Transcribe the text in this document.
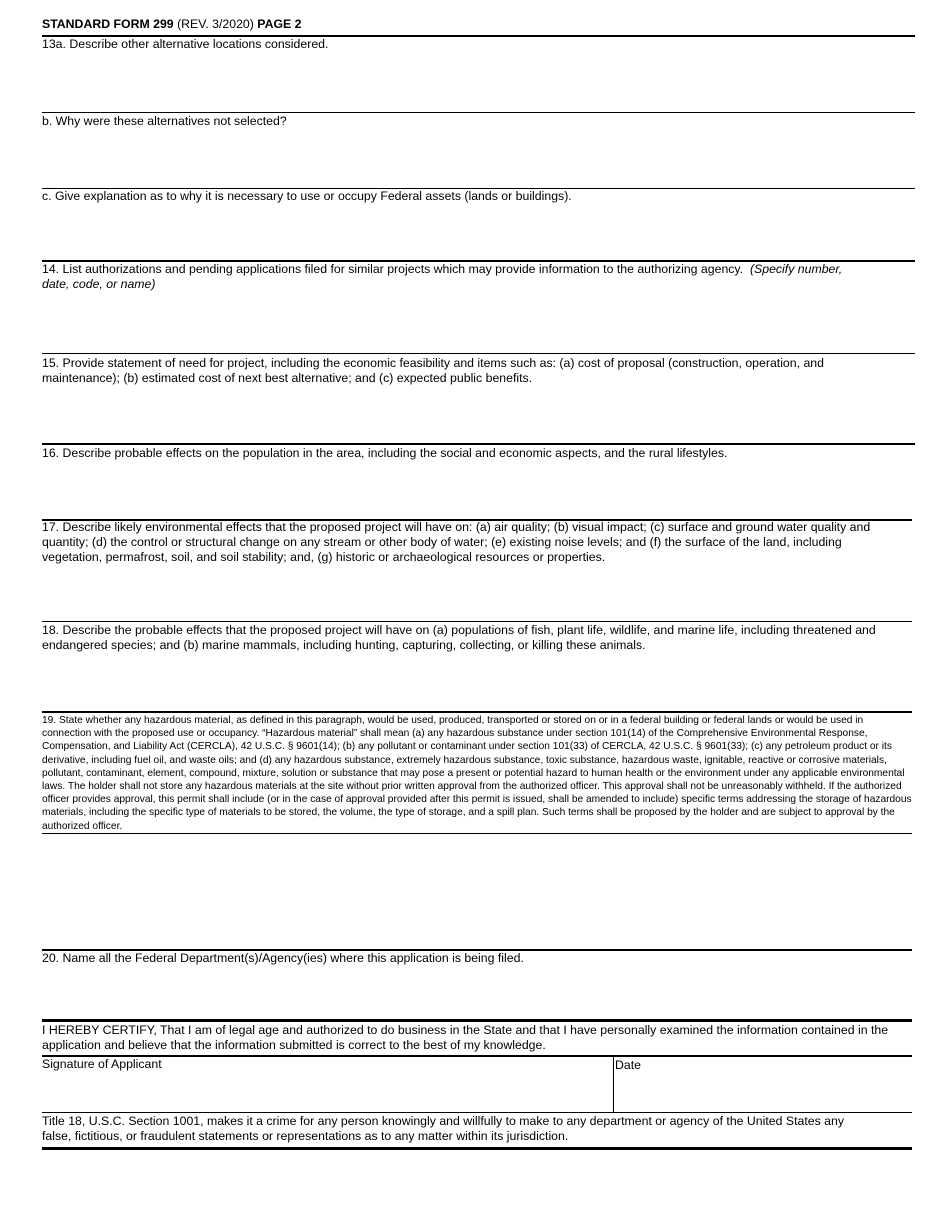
STANDARD FORM 299 (REV. 3/2020) PAGE 2
13a. Describe other alternative locations considered.
b. Why were these alternatives not selected?
c. Give explanation as to why it is necessary to use or occupy Federal assets (lands or buildings).
14. List authorizations and pending applications filed for similar projects which may provide information to the authorizing agency. (Specify number, date, code, or name)
15. Provide statement of need for project, including the economic feasibility and items such as: (a) cost of proposal (construction, operation, and maintenance); (b) estimated cost of next best alternative; and (c) expected public benefits.
16. Describe probable effects on the population in the area, including the social and economic aspects, and the rural lifestyles.
17. Describe likely environmental effects that the proposed project will have on: (a) air quality; (b) visual impact; (c) surface and ground water quality and quantity; (d) the control or structural change on any stream or other body of water; (e) existing noise levels; and (f) the surface of the land, including vegetation, permafrost, soil, and soil stability; and, (g) historic or archaeological resources or properties.
18. Describe the probable effects that the proposed project will have on (a) populations of fish, plant life, wildlife, and marine life, including threatened and endangered species; and (b) marine mammals, including hunting, capturing, collecting, or killing these animals.
19. State whether any hazardous material, as defined in this paragraph, would be used, produced, transported or stored on or in a federal building or federal lands or would be used in connection with the proposed use or occupancy. “Hazardous material” shall mean (a) any hazardous substance under section 101(14) of the Comprehensive Environmental Response, Compensation, and Liability Act (CERCLA), 42 U.S.C. § 9601(14); (b) any pollutant or contaminant under section 101(33) of CERCLA, 42 U.S.C. § 9601(33); (c) any petroleum product or its derivative, including fuel oil, and waste oils; and (d) any hazardous substance, extremely hazardous substance, toxic substance, hazardous waste, ignitable, reactive or corrosive materials, pollutant, contaminant, element, compound, mixture, solution or substance that may pose a present or potential hazard to human health or the environment under any applicable environmental laws. The holder shall not store any hazardous materials at the site without prior written approval from the authorized officer. This approval shall not be unreasonably withheld. If the authorized officer provides approval, this permit shall include (or in the case of approval provided after this permit is issued, shall be amended to include) specific terms addressing the storage of hazardous materials, including the specific type of materials to be stored, the volume, the type of storage, and a spill plan. Such terms shall be proposed by the holder and are subject to approval by the authorized officer.
20. Name all the Federal Department(s)/Agency(ies) where this application is being filed.
I HEREBY CERTIFY, That I am of legal age and authorized to do business in the State and that I have personally examined the information contained in the application and believe that the information submitted is correct to the best of my knowledge.
Signature of Applicant	Date
Title 18, U.S.C. Section 1001, makes it a crime for any person knowingly and willfully to make to any department or agency of the United States any false, fictitious, or fraudulent statements or representations as to any matter within its jurisdiction.
